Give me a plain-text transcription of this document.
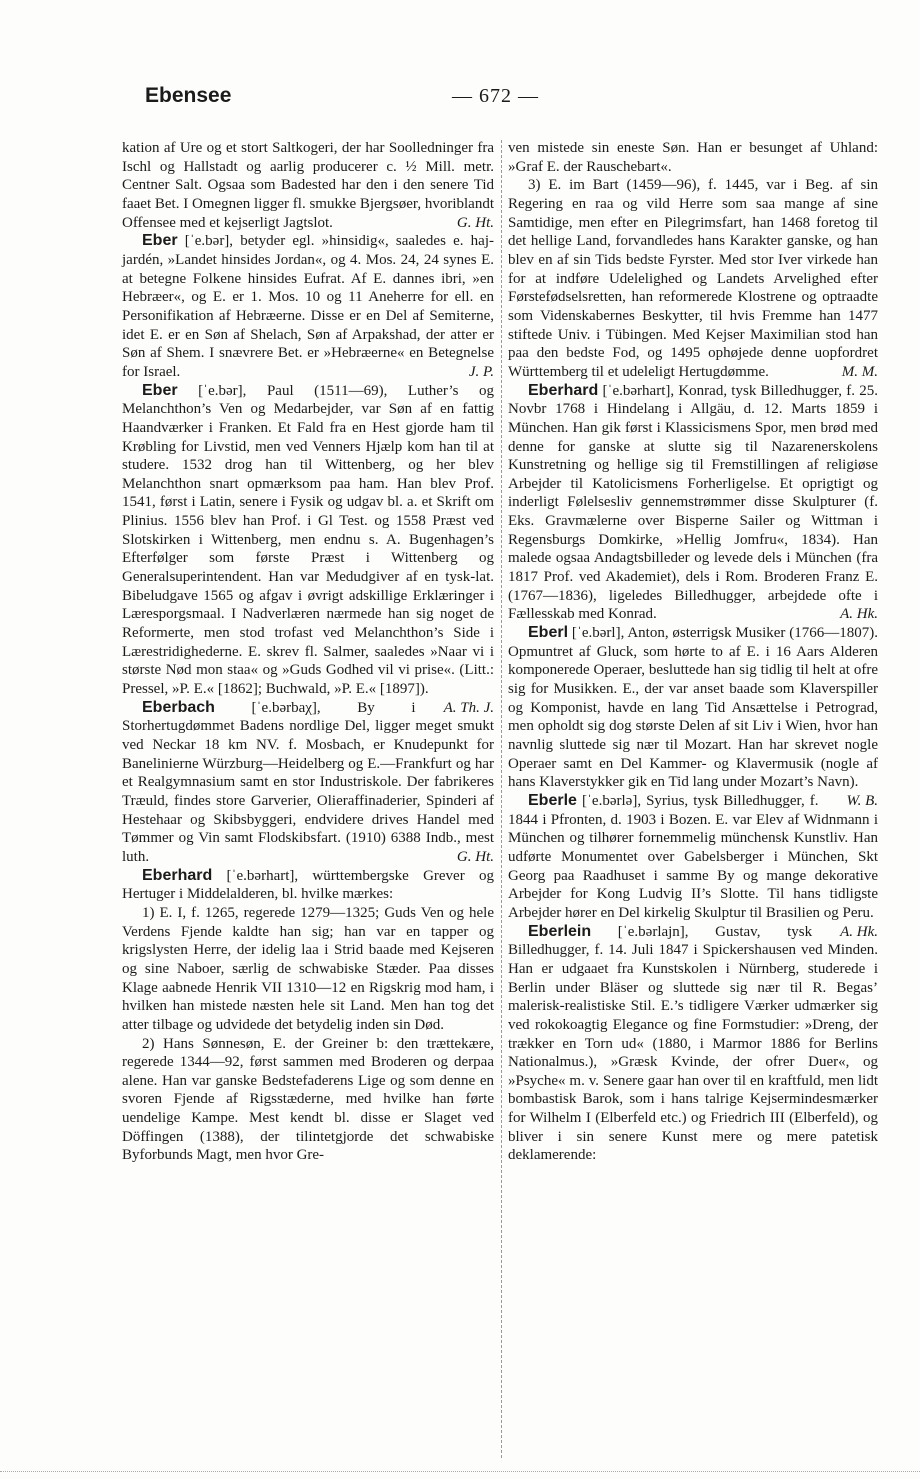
Ebensee	— 672 —

kation af Ure og et stort Saltkogeri, der har Soolledninger fra Ischl og Hallstadt og aarlig producerer c. ½ Mill. metr. Centner Salt. Ogsaa som Badested har den i den senere Tid faaet Bet. I Omegnen ligger fl. smukke Bjergsøer, hvoriblandt Offensee med et kejserligt Jagtslot.	G. Ht.

Eber [ˈe.bər], betyder egl. »hinsidig«, saaledes e. haj-jardén, »Landet hinsides Jordan«, og 4. Mos. 24, 24 synes E. at betegne Folkene hinsides Eufrat. Af E. dannes ibri, »en Hebræer«, og E. er 1. Mos. 10 og 11 Aneherre for ell. en Personifikation af Hebræerne. Disse er en Del af Semiterne, idet E. er en Søn af Shelach, Søn af Arpakshad, der atter er Søn af Shem. I snævrere Bet. er »Hebræerne« en Betegnelse for Israel.	J. P.

Eber [ˈe.bər], Paul (1511—69), Luther’s og Melanchthon’s Ven og Medarbejder, var Søn af en fattig Haandværker i Franken. Et Fald fra en Hest gjorde ham til Krøbling for Livstid, men ved Venners Hjælp kom han til at studere. 1532 drog han til Wittenberg, og her blev Melanchthon snart opmærksom paa ham. Han blev Prof. 1541, først i Latin, senere i Fysik og udgav bl. a. et Skrift om Plinius. 1556 blev han Prof. i Gl Test. og 1558 Præst ved Slotskirken i Wittenberg, men endnu s. A. Bugenhagen’s Efterfølger som første Præst i Wittenberg og Generalsuperintendent. Han var Medudgiver af en tysk-lat. Bibeludgave 1565 og afgav i øvrigt adskillige Erklæringer i Læresporgsmaal. I Nadverlæren nærmede han sig noget de Reformerte, men stod trofast ved Melanchthon’s Side i Lærestridighederne. E. skrev fl. Salmer, saaledes »Naar vi i største Nød mon staa« og »Guds Godhed vil vi prise«. (Litt.: Pressel, »P. E.« [1862]; Buchwald, »P. E.« [1897]).
A. Th. J.

Eberbach [ˈe.bərbaχ], By i Storhertugdømmet Badens nordlige Del, ligger meget smukt ved Neckar 18 km NV. f. Mosbach, er Knudepunkt for Banelinierne Würzburg—Heidelberg og E.—Frankfurt og har et Realgymnasium samt en stor Industriskole. Der fabrikeres Træuld, findes store Garverier, Olieraffinaderier, Spinderi af Hestehaar og Skibsbyggeri, endvidere drives Handel med Tømmer og Vin samt Flodskibsfart. (1910) 6388 Indb., mest luth.	G. Ht.

Eberhard [ˈe.bərhart], württembergske Grever og Hertuger i Middelalderen, bl. hvilke mærkes:

1) E. I, f. 1265, regerede 1279—1325; Guds Ven og hele Verdens Fjende kaldte han sig; han var en tapper og krigslysten Herre, der idelig laa i Strid baade med Kejseren og sine Naboer, særlig de schwabiske Stæder. Paa disses Klage aabnede Henrik VII 1310—12 en Rigskrig mod ham, i hvilken han mistede næsten hele sit Land. Men han tog det atter tilbage og udvidede det betydelig inden sin Død.

2) Hans Sønnesøn, E. der Greiner b: den trættekære, regerede 1344—92, først sammen med Broderen og derpaa alene. Han var ganske Bedstefaderens Lige og som denne en svoren Fjende af Rigsstæderne, med hvilke han førte uendelige Kampe. Mest kendt bl. disse er Slaget ved Döffingen (1388), der tilintetgjorde det schwabiske Byforbunds Magt, men hvor Gre-

ven mistede sin eneste Søn. Han er besunget af Uhland: »Graf E. der Rauschebart«.

3) E. im Bart (1459—96), f. 1445, var i Beg. af sin Regering en raa og vild Herre som saa mange af sine Samtidige, men efter en Pilegrimsfart, han 1468 foretog til det hellige Land, forvandledes hans Karakter ganske, og han blev en af sin Tids bedste Fyrster. Med stor Iver virkede han for at indføre Udelelighed og Landets Arvelighed efter Førstefødselsretten, han reformerede Klostrene og optraadte som Videnskabernes Beskytter, til hvis Fremme han 1477 stiftede Univ. i Tübingen. Med Kejser Maximilian stod han paa den bedste Fod, og 1495 ophøjede denne uopfordret Württemberg til et udeleligt Hertugdømme.	M. M.

Eberhard [ˈe.bərhart], Konrad, tysk Billedhugger, f. 25. Novbr 1768 i Hindelang i Allgäu, d. 12. Marts 1859 i München. Han gik først i Klassicismens Spor, men brød med denne for ganske at slutte sig til Nazarenerskolens Kunstretning og hellige sig til Fremstillingen af religiøse Arbejder til Katolicismens Forherligelse. Et oprigtigt og inderligt Følelsesliv gennemstrømmer disse Skulpturer (f. Eks. Gravmælerne over Bisperne Sailer og Wittman i Regensburgs Domkirke, »Hellig Jomfru«, 1834). Han malede ogsaa Andagtsbilleder og levede dels i München (fra 1817 Prof. ved Akademiet), dels i Rom. Broderen Franz E. (1767—1836), ligeledes Billedhugger, arbejdede ofte i Fællesskab med Konrad.	A. Hk.

Eberl [ˈe.bərl], Anton, østerrigsk Musiker (1766—1807). Opmuntret af Gluck, som hørte to af E. i 16 Aars Alderen komponerede Operaer, besluttede han sig tidlig til helt at ofre sig for Musikken. E., der var anset baade som Klaverspiller og Komponist, havde en lang Tid Ansættelse i Petrograd, men opholdt sig dog største Delen af sit Liv i Wien, hvor han navnlig sluttede sig nær til Mozart. Han har skrevet nogle Operaer samt en Del Kammer- og Klavermusik (nogle af hans Klaverstykker gik en Tid lang under Mozart’s Navn).
W. B.

Eberle [ˈe.bərlə], Syrius, tysk Billedhugger, f. 1844 i Pfronten, d. 1903 i Bozen. E. var Elev af Widnmann i München og tilhører fornemmelig münchensk Kunstliv. Han udførte Monumentet over Gabelsberger i München, Skt Georg paa Raadhuset i samme By og mange dekorative Arbejder for Kong Ludvig II’s Slotte. Til hans tidligste Arbejder hører en Del kirkelig Skulptur til Brasilien og Peru.
A. Hk.

Eberlein [ˈe.bərlajn], Gustav, tysk Billedhugger, f. 14. Juli 1847 i Spickershausen ved Minden. Han er udgaaet fra Kunstskolen i Nürnberg, studerede i Berlin under Bläser og sluttede sig nær til R. Begas’ malerisk-realistiske Stil. E.’s tidligere Værker udmærker sig ved rokokoagtig Elegance og fine Formstudier: »Dreng, der trækker en Torn ud« (1880, i Marmor 1886 for Berlins Nationalmus.), »Græsk Kvinde, der ofrer Duer«, og »Psyche« m. v. Senere gaar han over til en kraftfuld, men lidt bombastisk Barok, som i hans talrige Kejsermindesmærker for Wilhelm I (Elberfeld etc.) og Friedrich III (Elberfeld), og bliver i sin senere Kunst mere og mere patetisk deklamerende:
